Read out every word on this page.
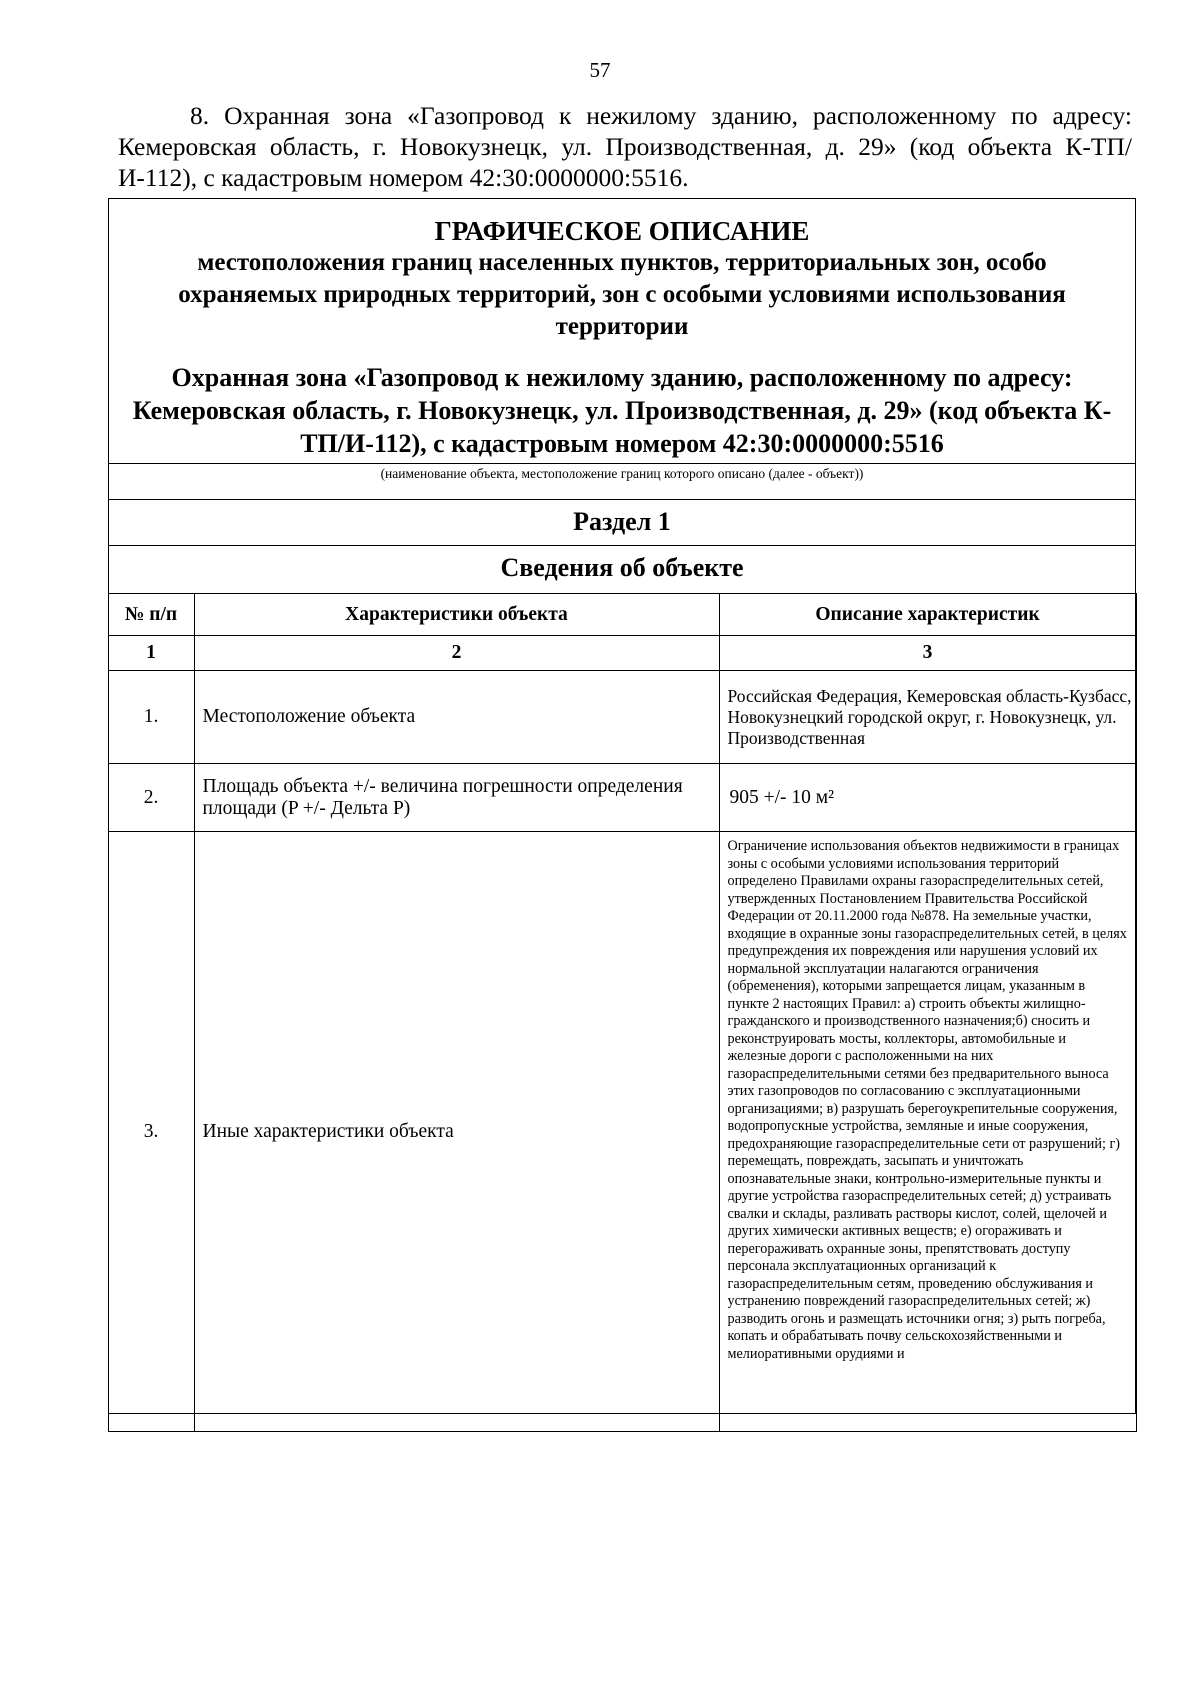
57
8. Охранная зона «Газопровод к нежилому зданию, расположенному по адресу: Кемеровская область, г. Новокузнецк, ул. Производственная, д. 29» (код объекта К-ТП/И-112), с кадастровым номером 42:30:0000000:5516.
ГРАФИЧЕСКОЕ ОПИСАНИЕ
местоположения границ населенных пунктов, территориальных зон, особо охраняемых природных территорий, зон с особыми условиями использования территории
Охранная зона «Газопровод к нежилому зданию, расположенному по адресу: Кемеровская область, г. Новокузнецк, ул. Производственная, д. 29» (код объекта К-ТП/И-112), с кадастровым номером 42:30:0000000:5516
(наименование объекта, местоположение границ которого описано (далее - объект))
Раздел 1
Сведения об объекте
№ п/п	Характеристики объекта	Описание характеристик
1	2	3
1.	Местоположение объекта	Российская Федерация, Кемеровская область-Кузбасс, Новокузнецкий городской округ, г. Новокузнецк, ул. Производственная
2.	Площадь объекта +/- величина погрешности определения площади (P +/- Дельта P)	905 +/- 10 м²
3.	Иные характеристики объекта	Ограничение использования объектов недвижимости в границах зоны с особыми условиями использования территорий определено Правилами охраны газораспределительных сетей, утвержденных Постановлением Правительства Российской Федерации от 20.11.2000 года №878. На земельные участки, входящие в охранные зоны газораспределительных сетей, в целях предупреждения их повреждения или нарушения условий их нормальной эксплуатации налагаются ограничения (обременения), которыми запрещается лицам, указанным в пункте 2 настоящих Правил: а) строить объекты жилищно-гражданского и производственного назначения;б) сносить и реконструировать мосты, коллекторы, автомобильные и железные дороги с расположенными на них газораспределительными сетями без предварительного выноса этих газопроводов по согласованию с эксплуатационными организациями; в) разрушать берегоукрепительные сооружения, водопропускные устройства, земляные и иные сооружения, предохраняющие газораспределительные сети от разрушений; г) перемещать, повреждать, засыпать и уничтожать опознавательные знаки, контрольно-измерительные пункты и другие устройства газораспределительных сетей; д) устраивать свалки и склады, разливать растворы кислот, солей, щелочей и других химически активных веществ; е) огораживать и перегораживать охранные зоны, препятствовать доступу персонала эксплуатационных организаций к газораспределительным сетям, проведению обслуживания и устранению повреждений газораспределительных сетей; ж) разводить огонь и размещать источники огня; з) рыть погреба, копать и обрабатывать почву сельскохозяйственными и мелиоративными орудиями и
